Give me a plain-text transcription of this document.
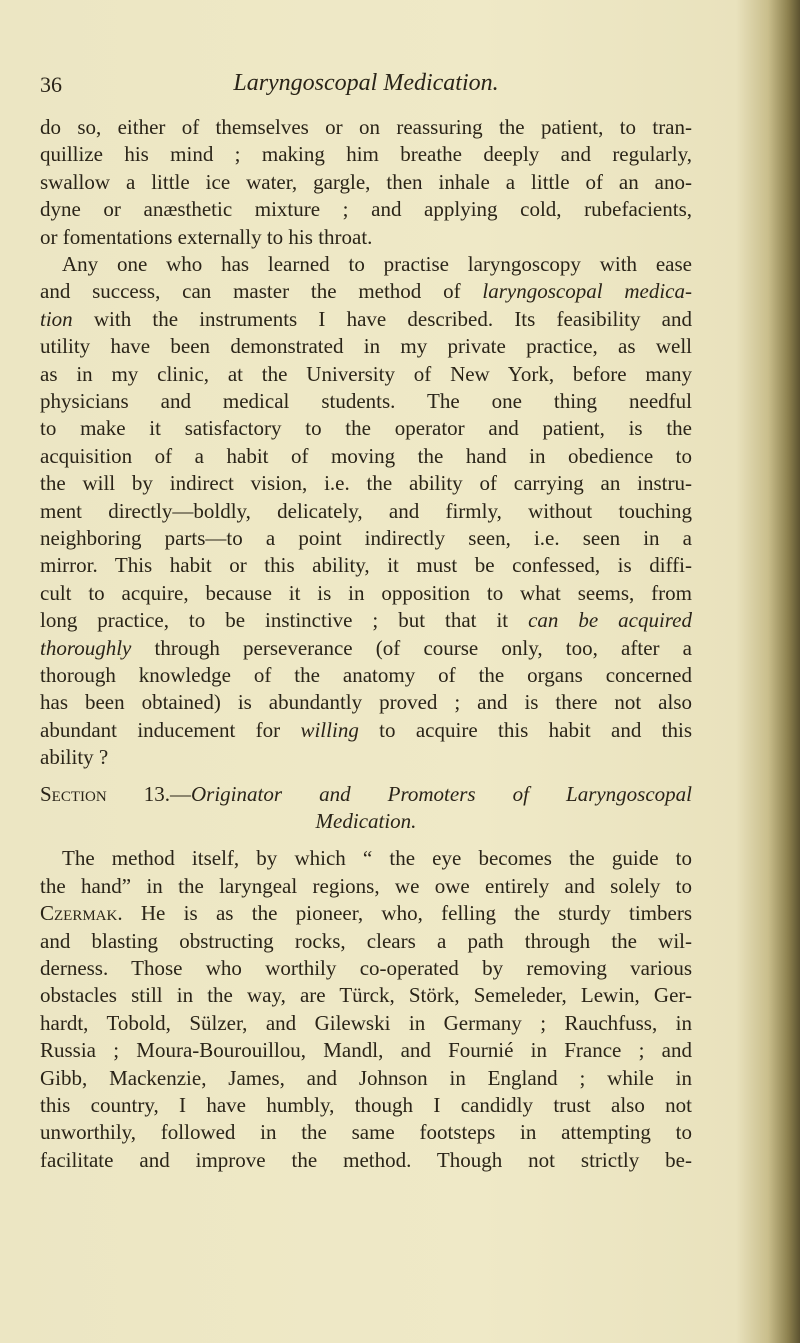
36	Laryngoscopal Medication.
do so, either of themselves or on reassuring the patient, to tran-
quillize his mind ; making him breathe deeply and regularly,
swallow a little ice water, gargle, then inhale a little of an ano-
dyne or anæsthetic mixture ; and applying cold, rubefacients,
or fomentations externally to his throat.
Any one who has learned to practise laryngoscopy with ease
and success, can master the method of laryngoscopal medica-
tion with the instruments I have described. Its feasibility and
utility have been demonstrated in my private practice, as well
as in my clinic, at the University of New York, before many
physicians and medical students. The one thing needful
to make it satisfactory to the operator and patient, is the
acquisition of a habit of moving the hand in obedience to
the will by indirect vision, i.e. the ability of carrying an instru-
ment directly—boldly, delicately, and firmly, without touching
neighboring parts—to a point indirectly seen, i.e. seen in a
mirror. This habit or this ability, it must be confessed, is diffi-
cult to acquire, because it is in opposition to what seems, from
long practice, to be instinctive ; but that it can be acquired
thoroughly through perseverance (of course only, too, after a
thorough knowledge of the anatomy of the organs concerned
has been obtained) is abundantly proved ; and is there not also
abundant inducement for willing to acquire this habit and this
ability ?
Section 13.—Originator and Promoters of Laryngoscopal
Medication.
The method itself, by which “ the eye becomes the guide to
the hand” in the laryngeal regions, we owe entirely and solely to
Czermak. He is as the pioneer, who, felling the sturdy timbers
and blasting obstructing rocks, clears a path through the wil-
derness. Those who worthily co-operated by removing various
obstacles still in the way, are Türck, Störk, Semeleder, Lewin, Ger-
hardt, Tobold, Sülzer, and Gilewski in Germany ; Rauchfuss, in
Russia ; Moura-Bourouillou, Mandl, and Fournié in France ; and
Gibb, Mackenzie, James, and Johnson in England ; while in
this country, I have humbly, though I candidly trust also not
unworthily, followed in the same footsteps in attempting to
facilitate and improve the method. Though not strictly be-
